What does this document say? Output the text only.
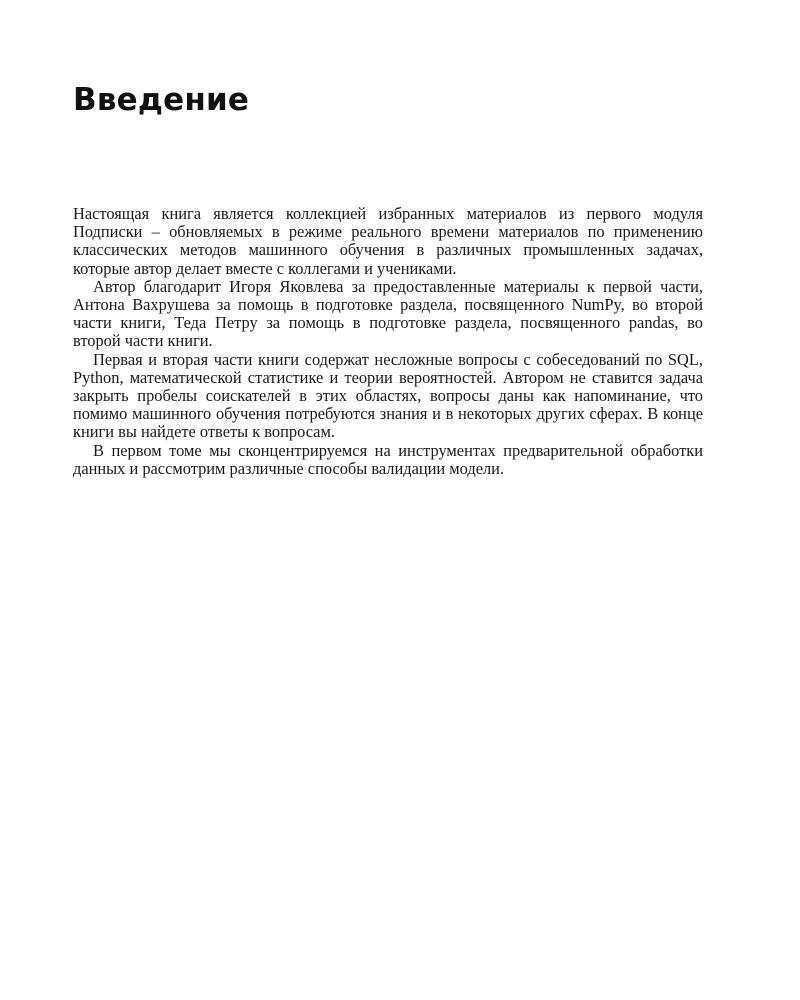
Введение

Настоящая книга является коллекцией избранных материалов из первого модуля Подписки – обновляемых в режиме реального времени материалов по применению классических методов машинного обучения в различных промышленных задачах, которые автор делает вместе с коллегами и учениками.

Автор благодарит Игоря Яковлева за предоставленные материалы к первой части, Антона Вахрушева за помощь в подготовке раздела, посвященного NumPy, во второй части книги, Теда Петру за помощь в подготовке раздела, посвященного pandas, во второй части книги.

Первая и вторая части книги содержат несложные вопросы с собеседований по SQL, Python, математической статистике и теории вероятностей. Автором не ставится задача закрыть пробелы соискателей в этих областях, вопросы даны как напоминание, что помимо машинного обучения потребуются знания и в некоторых других сферах. В конце книги вы найдете ответы к вопросам.

В первом томе мы сконцентрируемся на инструментах предварительной обработки данных и рассмотрим различные способы валидации модели.
